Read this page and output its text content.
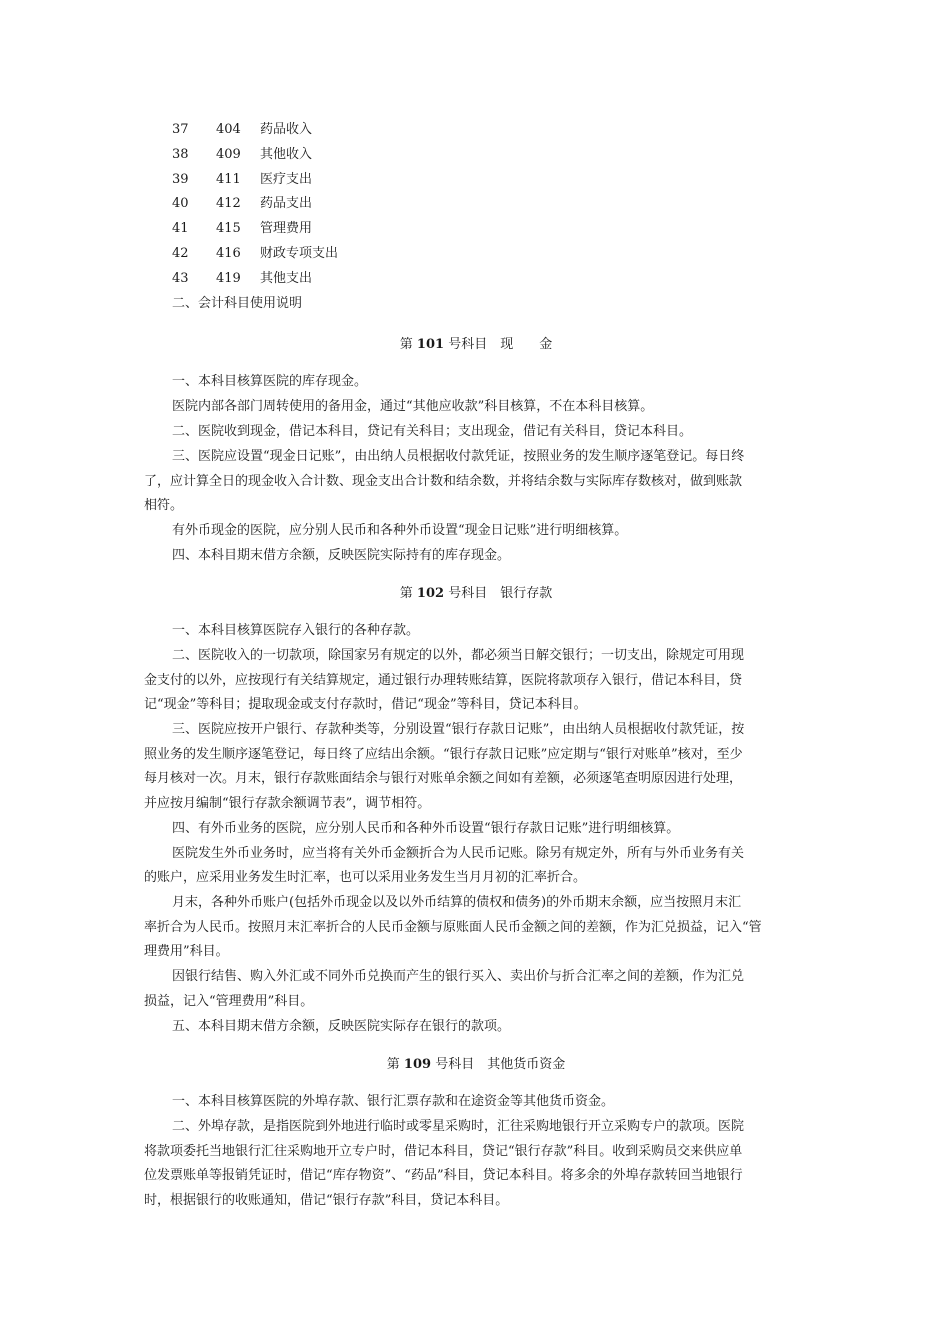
37 404 药品收入
38 409 其他收入
39 411 医疗支出
40 412 药品支出
41 415 管理费用
42 416 财政专项支出
43 419 其他支出
二、会计科目使用说明
第 101 号科目　现　　金
一、本科目核算医院的库存现金。
医院内部各部门周转使用的备用金，通过“其他应收款”科目核算，不在本科目核算。
二、医院收到现金，借记本科目，贷记有关科目；支出现金，借记有关科目，贷记本科目。
三、医院应设置“现金日记账”，由出纳人员根据收付款凭证，按照业务的发生顺序逐笔登记。每日终
了，应计算全日的现金收入合计数、现金支出合计数和结余数，并将结余数与实际库存数核对，做到账款
相符。
有外币现金的医院，应分别人民币和各种外币设置“现金日记账”进行明细核算。
四、本科目期末借方余额，反映医院实际持有的库存现金。
第 102 号科目　银行存款
一、本科目核算医院存入银行的各种存款。
二、医院收入的一切款项，除国家另有规定的以外，都必须当日解交银行；一切支出，除规定可用现
金支付的以外，应按现行有关结算规定，通过银行办理转账结算，医院将款项存入银行，借记本科目，贷
记“现金”等科目；提取现金或支付存款时，借记“现金”等科目，贷记本科目。
三、医院应按开户银行、存款种类等，分别设置“银行存款日记账”，由出纳人员根据收付款凭证，按
照业务的发生顺序逐笔登记，每日终了应结出余额。“银行存款日记账”应定期与“银行对账单”核对，至少
每月核对一次。月末，银行存款账面结余与银行对账单余额之间如有差额，必须逐笔查明原因进行处理，
并应按月编制“银行存款余额调节表”，调节相符。
四、有外币业务的医院，应分别人民币和各种外币设置“银行存款日记账”进行明细核算。
医院发生外币业务时，应当将有关外币金额折合为人民币记账。除另有规定外，所有与外币业务有关
的账户，应采用业务发生时汇率，也可以采用业务发生当月月初的汇率折合。
月末，各种外币账户(包括外币现金以及以外币结算的债权和债务)的外币期末余额，应当按照月末汇
率折合为人民币。按照月末汇率折合的人民币金额与原账面人民币金额之间的差额，作为汇兑损益，记入“管
理费用”科目。
因银行结售、购入外汇或不同外币兑换而产生的银行买入、卖出价与折合汇率之间的差额，作为汇兑
损益，记入“管理费用”科目。
五、本科目期末借方余额，反映医院实际存在银行的款项。
第 109 号科目　其他货币资金
一、本科目核算医院的外埠存款、银行汇票存款和在途资金等其他货币资金。
二、外埠存款，是指医院到外地进行临时或零星采购时，汇往采购地银行开立采购专户的款项。医院
将款项委托当地银行汇往采购地开立专户时，借记本科目，贷记“银行存款”科目。收到采购员交来供应单
位发票账单等报销凭证时，借记“库存物资”、“药品”科目，贷记本科目。将多余的外埠存款转回当地银行
时，根据银行的收账通知，借记“银行存款”科目，贷记本科目。
